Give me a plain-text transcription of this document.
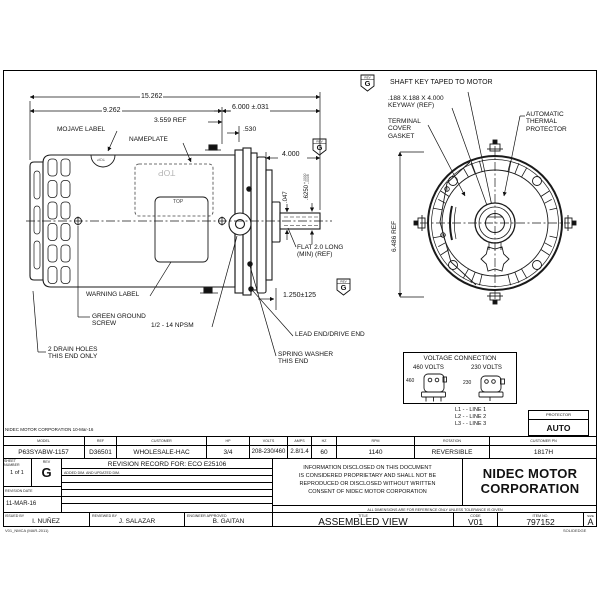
REV
G
REV
G
REV
G
NIDEC MOTOR CORPORATION 10-Mar-16
MOJAVE LABEL
NAMEPLATE
WARNING LABEL
GREEN GROUND
SCREW	1/2 - 14 NPSM
2 DRAIN HOLES
THIS END ONLY	SPRING WASHER
THIS END
LEAD END/DRIVE END
FLAT 2.0 LONG
(MIN) (REF)
SHAFT KEY TAPED TO MOTOR
.188 X.188 X 4.000
KEYWAY (REF)
TERMINAL
COVER
GASKET
AUTOMATIC
THERMAL
PROTECTOR
TOP
TOP
TOP
15.262
9.262	6.000 ±.031
3.559 REF
.530
4.000
.047	.6250
+.0000 -.0005
1.250±125
6.486 REF
VOLTAGE CONNECTION
460 VOLTS	230 VOLTS
460	230
L1 - - LINE 1
L2 - - LINE 2
L3 - - LINE 3
PROTECTOR
AUTO
MODEL	REF	CUSTOMER	HP	VOLTS	AMPS	HZ	RPM	ROTATION	CUSTOMER PN
P63SYABW-1157	D36501	WHOLESALE-HAC	3/4	208-230/460 2.8/1.4	60	1140	REVERSIBLE	1817H
SHEET NUMBER
1 of 1
REV
G
REVISION DATE
11-MAR-16
REVISION RECORD FOR: ECO E25106
ADDED DIM. AND UPDATED DIM.
ISSUED BY
I. NUÑEZ
REVIEWED BY
J. SALAZAR
ENGINEER APPROVED
B. GAITAN
INFORMATION DISCLOSED ON THIS DOCUMENT
IS CONSIDERED PROPRIETARY AND SHALL NOT BE
REPRODUCED OR DISCLOSED WITHOUT WRITTEN
CONSENT OF NIDEC MOTOR CORPORATION
NIDEC MOTOR
CORPORATION
ALL DIMENSIONS ARE FOR REFERENCE ONLY UNLESS TOLERANCE IS GIVEN
TITLE
ASSEMBLED VIEW
CODE
V01
ITEM NO.
797152
SIZE
A
V01_NMCA (MAR-2011)	SOLIDEDGE
